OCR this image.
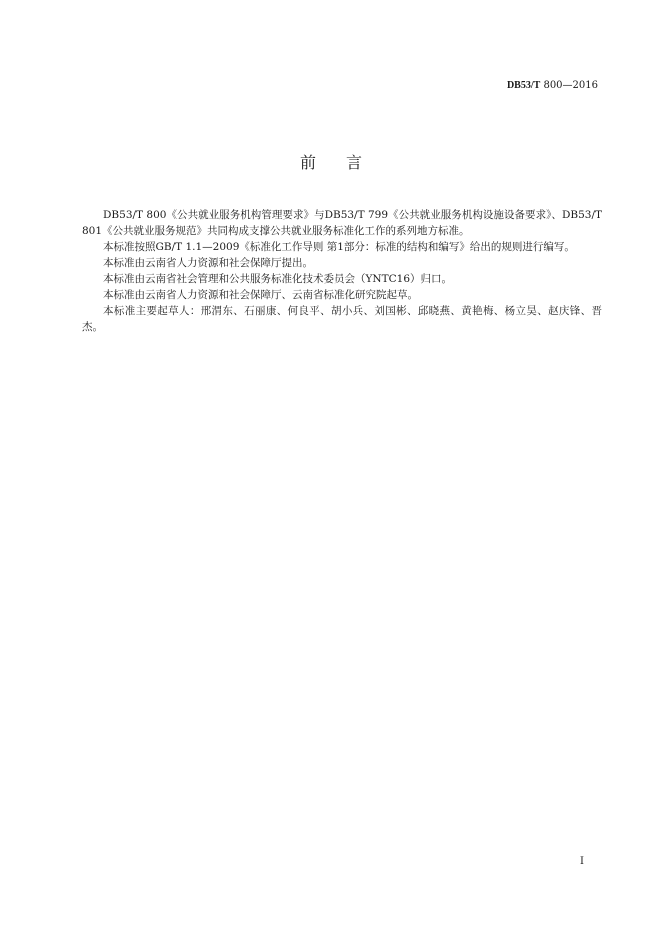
DB53/T 800—2016
前言

DB53/T 800《公共就业服务机构管理要求》与DB53/T 799《公共就业服务机构设施设备要求》、DB53/T 801《公共就业服务规范》共同构成支撑公共就业服务标准化工作的系列地方标准。

本标准按照GB/T 1.1—2009《标准化工作导则 第1部分：标准的结构和编写》给出的规则进行编写。

本标准由云南省人力资源和社会保障厅提出。

本标准由云南省社会管理和公共服务标准化技术委员会（YNTC16）归口。

本标准由云南省人力资源和社会保障厅、云南省标准化研究院起草。

本标准主要起草人：邢渭东、石丽康、何良平、胡小兵、刘国彬、邱晓燕、黄艳梅、杨立昊、赵庆锋、晋杰。

I
